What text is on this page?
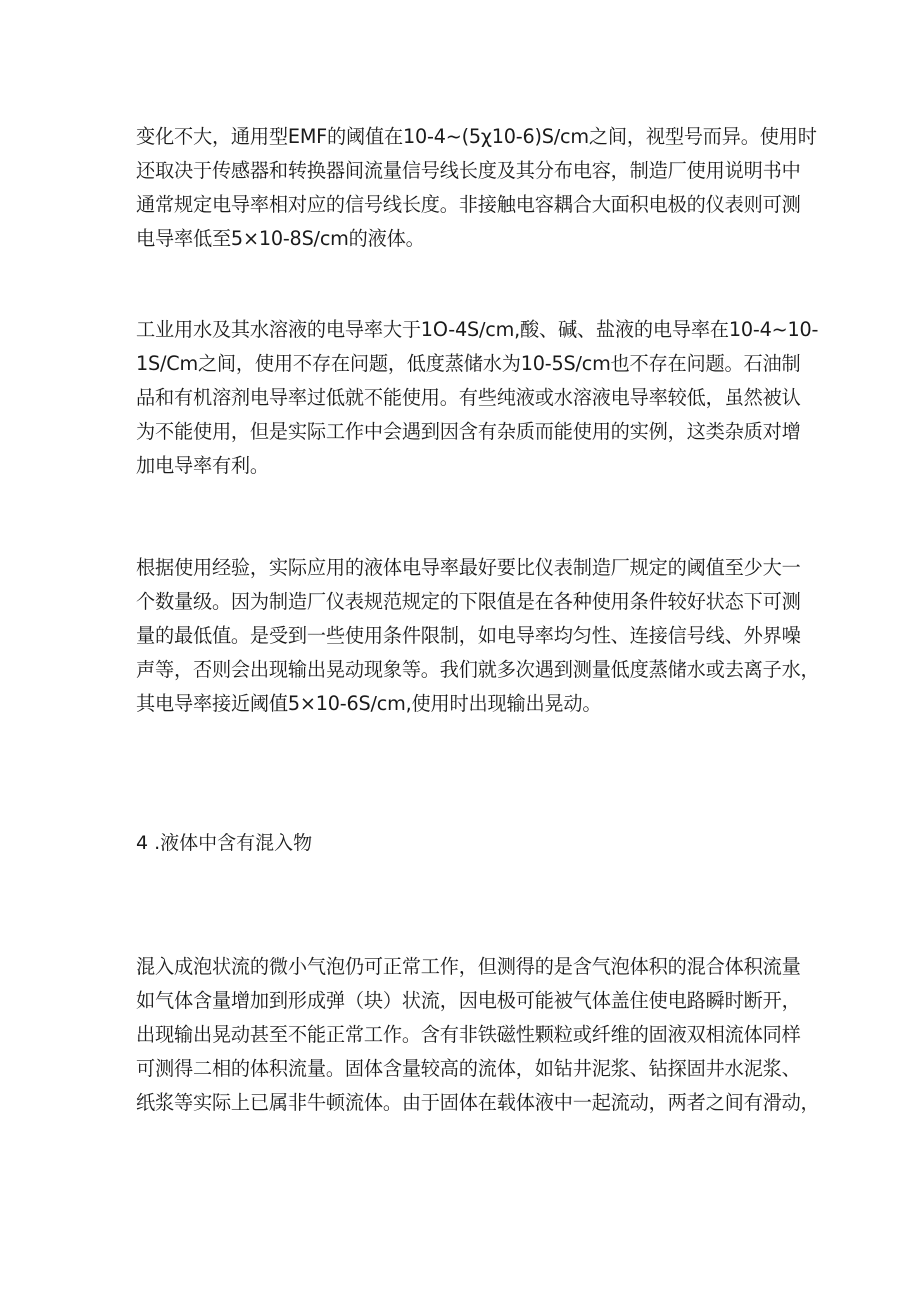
变化不大，通用型EMF的阈值在10-4~(5χ10-6)S∕cm之间，视型号而异。使用时
还取决于传感器和转换器间流量信号线长度及其分布电容，制造厂使用说明书中
通常规定电导率相对应的信号线长度。非接触电容耦合大面积电极的仪表则可测
电导率低至5×10-8S∕cm的液体。
工业用水及其水溶液的电导率大于1O-4S∕cm,酸、碱、盐液的电导率在10-4~10-
1S/Cm之间，使用不存在问题，低度蒸储水为10-5S∕cm也不存在问题。石油制
品和有机溶剂电导率过低就不能使用。有些纯液或水溶液电导率较低，虽然被认
为不能使用，但是实际工作中会遇到因含有杂质而能使用的实例，这类杂质对增
加电导率有利。
根据使用经验，实际应用的液体电导率最好要比仪表制造厂规定的阈值至少大一
个数量级。因为制造厂仪表规范规定的下限值是在各种使用条件较好状态下可测
量的最低值。是受到一些使用条件限制，如电导率均匀性、连接信号线、外界噪
声等，否则会出现输出晃动现象等。我们就多次遇到测量低度蒸储水或去离子水，
其电导率接近阈值5×10-6S∕cm,使用时出现输出晃动。
4 .液体中含有混入物
混入成泡状流的微小气泡仍可正常工作，但测得的是含气泡体积的混合体积流量
如气体含量增加到形成弹（块）状流，因电极可能被气体盖住使电路瞬时断开，
出现输出晃动甚至不能正常工作。含有非铁磁性颗粒或纤维的固液双相流体同样
可测得二相的体积流量。固体含量较高的流体，如钻井泥浆、钻探固井水泥浆、
纸浆等实际上已属非牛顿流体。由于固体在载体液中一起流动，两者之间有滑动，
